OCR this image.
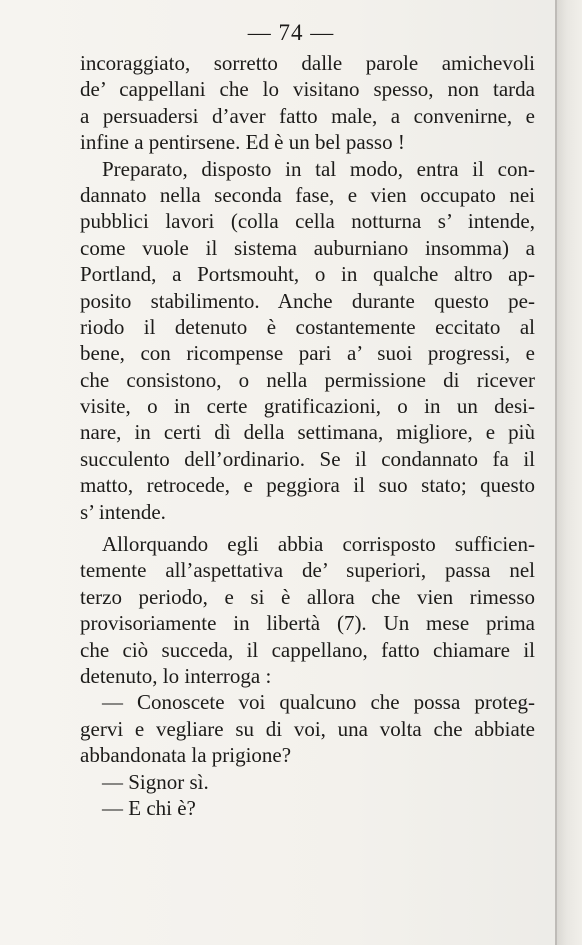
— 74 —
incoraggiato, sorretto dalle parole amichevoli
de’ cappellani che lo visitano spesso, non tarda
a persuadersi d’aver fatto male, a convenirne, e
infine a pentirsene. Ed è un bel passo !
Preparato, disposto in tal modo, entra il con-
dannato nella seconda fase, e vien occupato nei
pubblici lavori (colla cella notturna s’ intende,
come vuole il sistema auburniano insomma) a
Portland, a Portsmouht, o in qualche altro ap-
posito stabilimento. Anche durante questo pe-
riodo il detenuto è costantemente eccitato al
bene, con ricompense pari a’ suoi progressi, e
che consistono, o nella permissione di ricever
visite, o in certe gratificazioni, o in un desi-
nare, in certi dì della settimana, migliore, e più
succulento dell’ordinario. Se il condannato fa il
matto, retrocede, e peggiora il suo stato; questo
s’ intende.
Allorquando egli abbia corrisposto sufficien-
temente all’aspettativa de’ superiori, passa nel
terzo periodo, e si è allora che vien rimesso
provisoriamente in libertà (7). Un mese prima
che ciò succeda, il cappellano, fatto chiamare il
detenuto, lo interroga :
— Conoscete voi qualcuno che possa proteg-
gervi e vegliare su di voi, una volta che abbiate
abbandonata la prigione?
— Signor sì.
— E chi è?
